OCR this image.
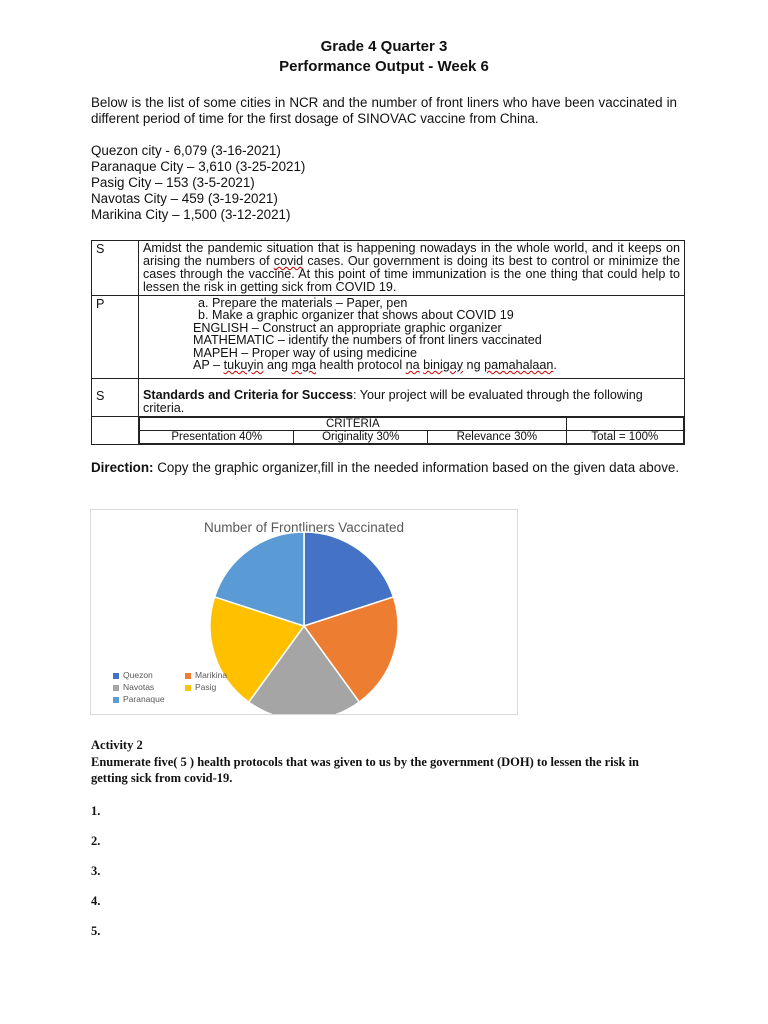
Grade 4 Quarter 3
Performance Output - Week 6

Below is the list of some cities in NCR and the number of front liners who have been vaccinated in different period of time for the first dosage of SINOVAC vaccine from China.

Quezon city - 6,079 (3-16-2021)
Paranaque City – 3,610 (3-25-2021)
Pasig City – 153 (3-5-2021)
Navotas City – 459 (3-19-2021)
Marikina City – 1,500 (3-12-2021)
S	Amidst the pandemic situation that is happening nowadays in the whole world, and it keeps on arising the numbers of covid cases. Our government is doing its best to control or minimize the cases through the vaccine. At this point of time immunization is the one thing that could help to lessen the risk in getting sick from COVID 19.

P	a. Prepare the materials – Paper, pen
b. Make a graphic organizer that shows about COVID 19
ENGLISH – Construct an appropriate graphic organizer
MATHEMATIC – identify the numbers of front liners vaccinated
MAPEH – Proper way of using medicine
AP – tukuyin ang mga health protocol na binigay ng pamahalaan.

S	Standards and Criteria for Success: Your project will be evaluated through the following criteria.

CRITERIA	
Presentation 40%	Originality 30%	Relevance 30%	Total = 100%
Direction: Copy the graphic organizer,fill in the needed information based on the given data above.
Number of Frontliners Vaccinated
Quezon	Marikina
Navotas	Pasig
Paranaque
Activity 2
Enumerate five( 5 ) health protocols that was given to us by the government (DOH) to lessen the risk in getting sick from covid-19.
1.
2.
3.
4.
5.
